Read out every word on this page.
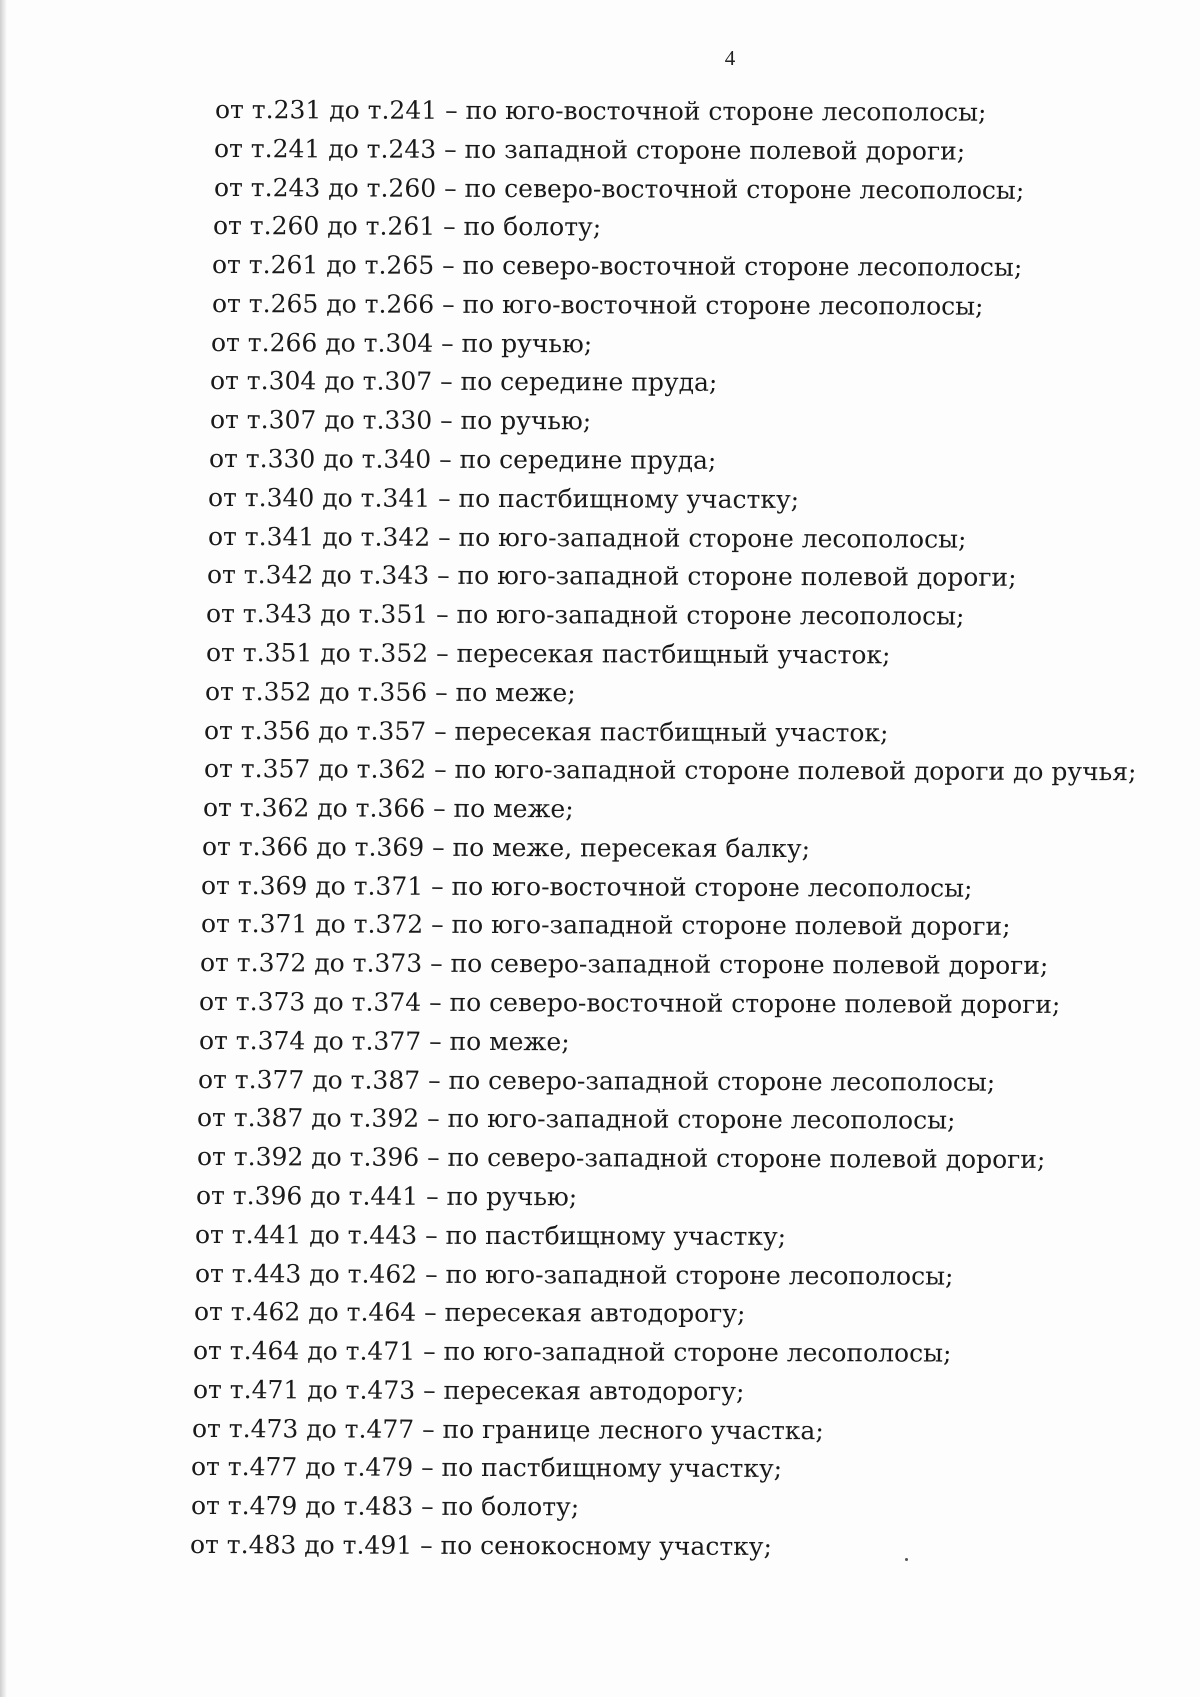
4
от т.231 до т.241 – по юго-восточной стороне лесополосы;
от т.241 до т.243 – по западной стороне полевой дороги;
от т.243 до т.260 – по северо-восточной стороне лесополосы;
от т.260 до т.261 – по болоту;
от т.261 до т.265 – по северо-восточной стороне лесополосы;
от т.265 до т.266 – по юго-восточной стороне лесополосы;
от т.266 до т.304 – по ручью;
от т.304 до т.307 – по середине пруда;
от т.307 до т.330 – по ручью;
от т.330 до т.340 – по середине пруда;
от т.340 до т.341 – по пастбищному участку;
от т.341 до т.342 – по юго-западной стороне лесополосы;
от т.342 до т.343 – по юго-западной стороне полевой дороги;
от т.343 до т.351 – по юго-западной стороне лесополосы;
от т.351 до т.352 – пересекая пастбищный участок;
от т.352 до т.356 – по меже;
от т.356 до т.357 – пересекая пастбищный участок;
от т.357 до т.362 – по юго-западной стороне полевой дороги до ручья;
от т.362 до т.366 – по меже;
от т.366 до т.369 – по меже, пересекая балку;
от т.369 до т.371 – по юго-восточной стороне лесополосы;
от т.371 до т.372 – по юго-западной стороне полевой дороги;
от т.372 до т.373 – по северо-западной стороне полевой дороги;
от т.373 до т.374 – по северо-восточной стороне полевой дороги;
от т.374 до т.377 – по меже;
от т.377 до т.387 – по северо-западной стороне лесополосы;
от т.387 до т.392 – по юго-западной стороне лесополосы;
от т.392 до т.396 – по северо-западной стороне полевой дороги;
от т.396 до т.441 – по ручью;
от т.441 до т.443 – по пастбищному участку;
от т.443 до т.462 – по юго-западной стороне лесополосы;
от т.462 до т.464 – пересекая автодорогу;
от т.464 до т.471 – по юго-западной стороне лесополосы;
от т.471 до т.473 – пересекая автодорогу;
от т.473 до т.477 – по границе лесного участка;
от т.477 до т.479 – по пастбищному участку;
от т.479 до т.483 – по болоту;
от т.483 до т.491 – по сенокосному участку;
